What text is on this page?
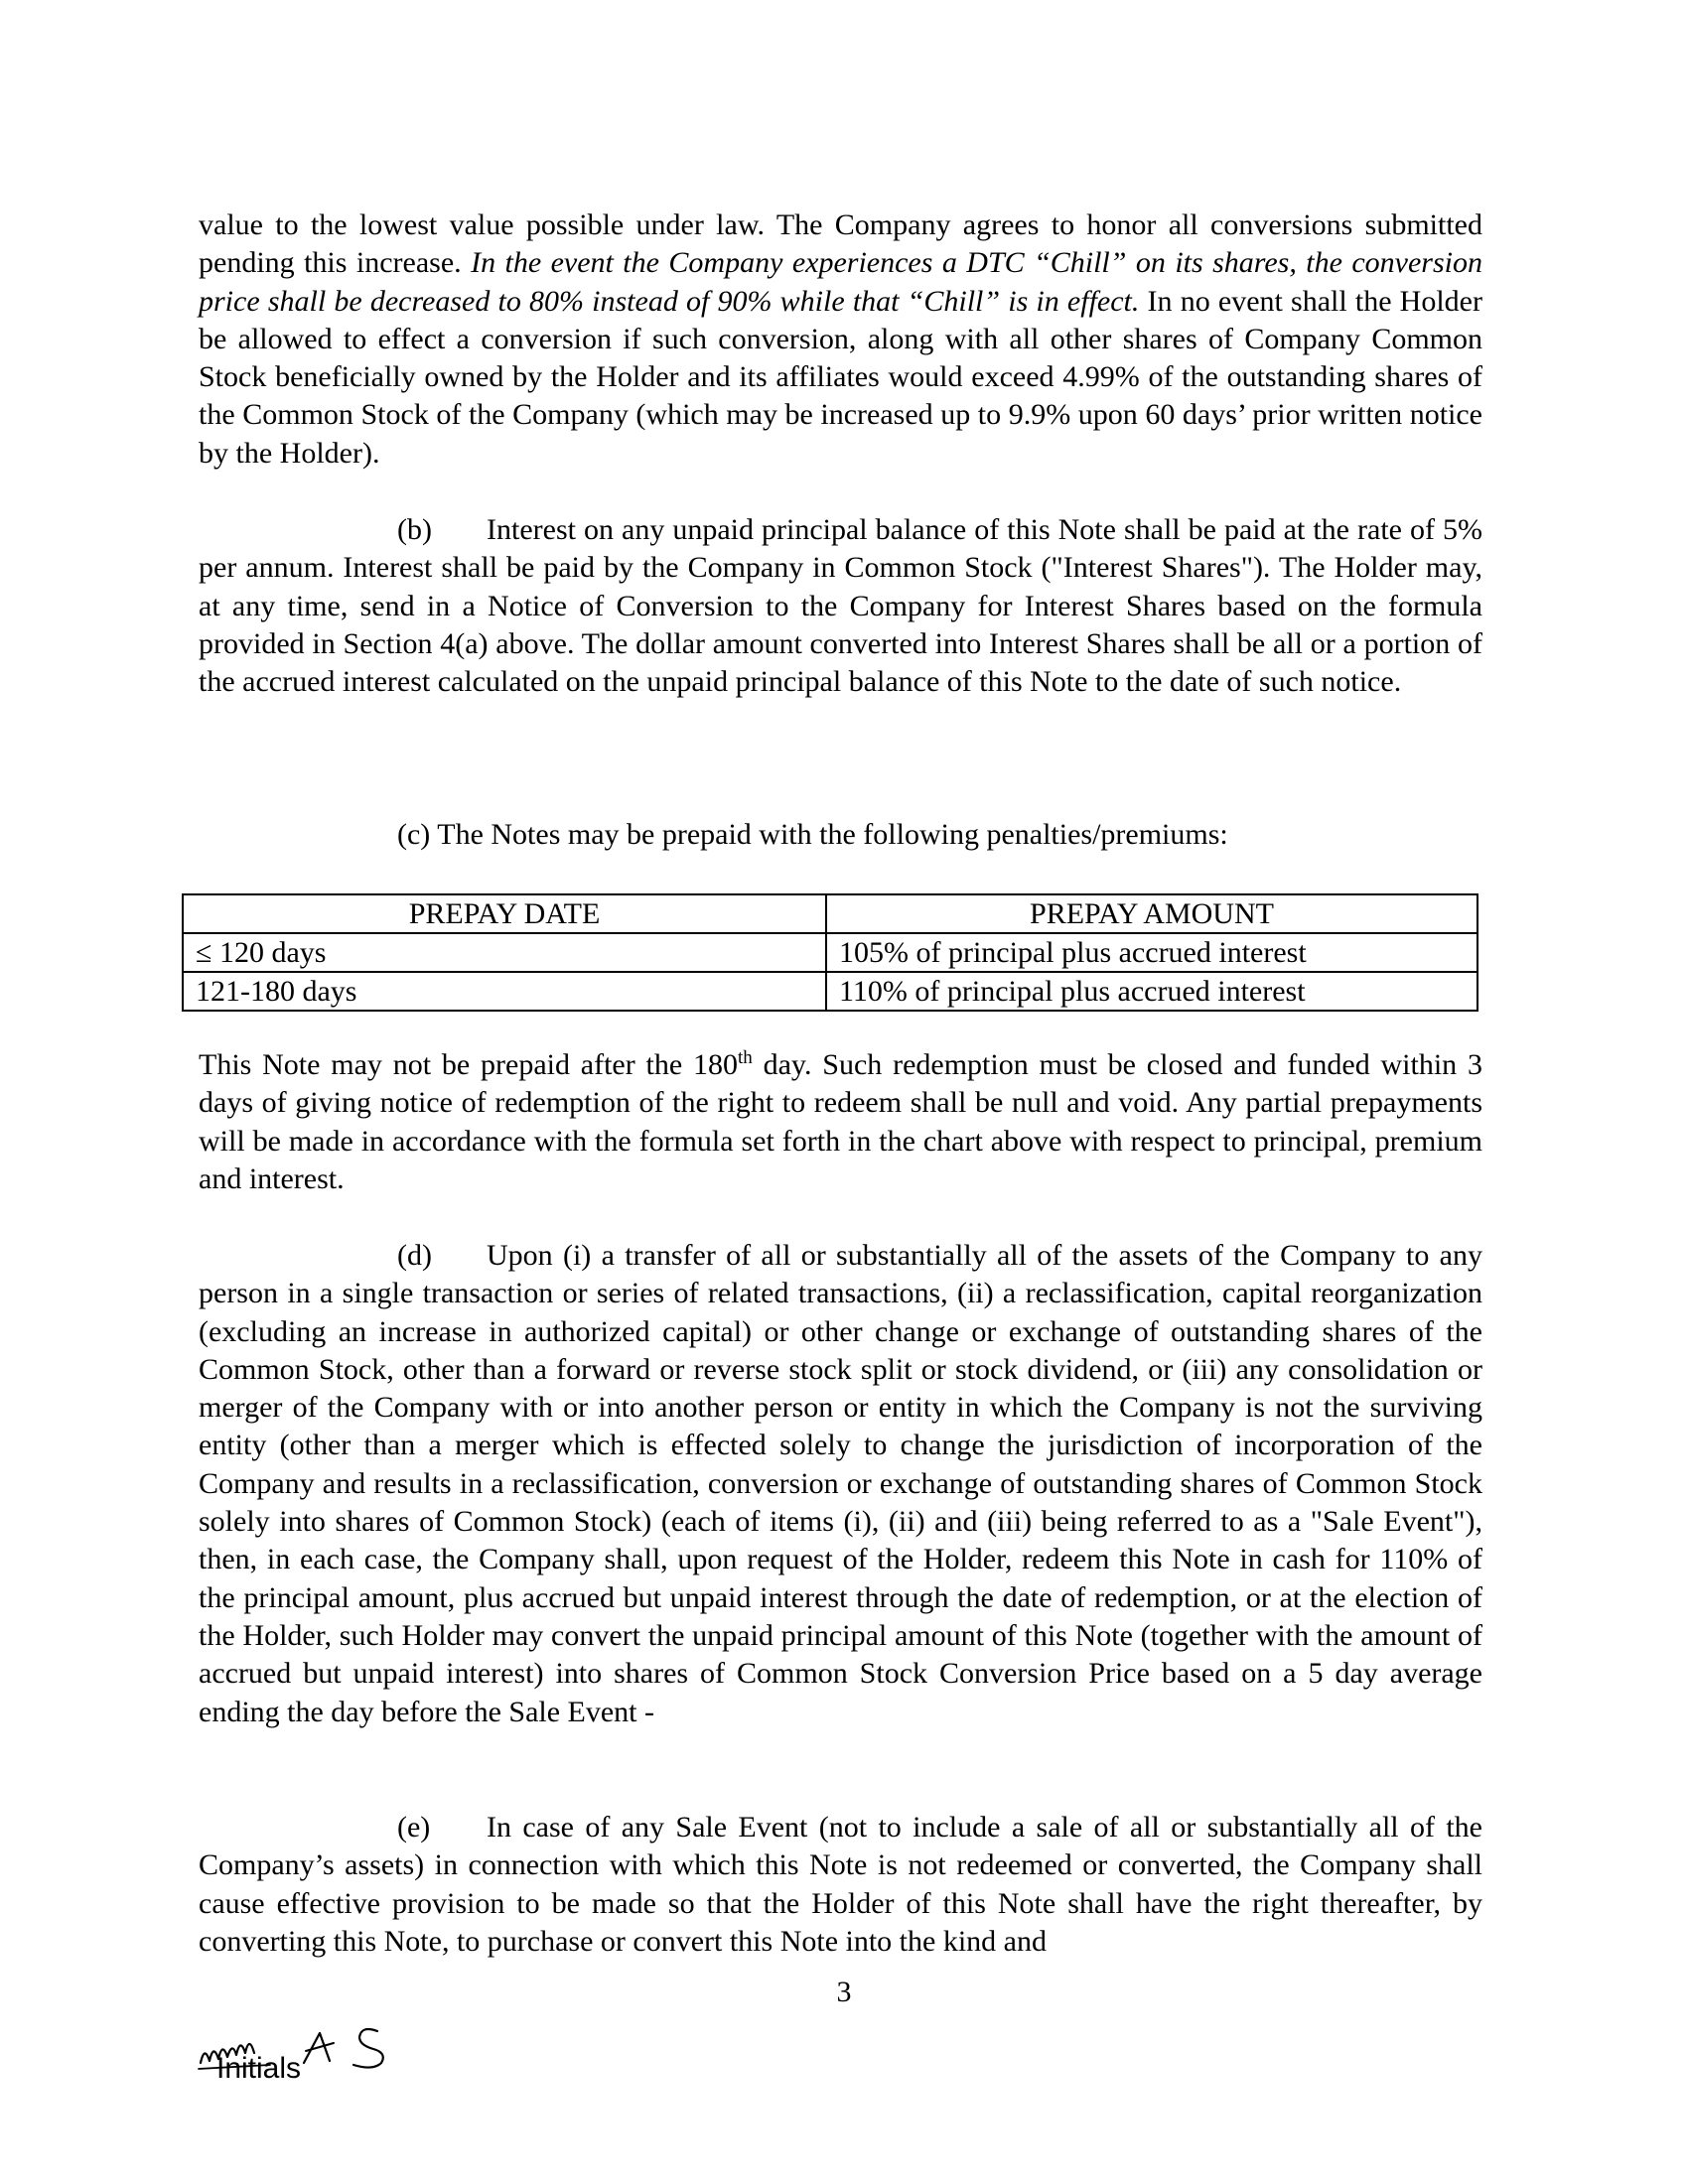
value to the lowest value possible under law. The Company agrees to honor all conversions submitted pending this increase. In the event the Company experiences a DTC “Chill” on its shares, the conversion price shall be decreased to 80% instead of 90% while that “Chill” is in effect. In no event shall the Holder be allowed to effect a conversion if such conversion, along with all other shares of Company Common Stock beneficially owned by the Holder and its affiliates would exceed 4.99% of the outstanding shares of the Common Stock of the Company (which may be increased up to 9.9% upon 60 days’ prior written notice by the Holder).

(b) Interest on any unpaid principal balance of this Note shall be paid at the rate of 5% per annum. Interest shall be paid by the Company in Common Stock ("Interest Shares"). The Holder may, at any time, send in a Notice of Conversion to the Company for Interest Shares based on the formula provided in Section 4(a) above. The dollar amount converted into Interest Shares shall be all or a portion of the accrued interest calculated on the unpaid principal balance of this Note to the date of such notice.

(c) The Notes may be prepaid with the following penalties/premiums:

PREPAY DATE	PREPAY AMOUNT
≤ 120 days	105% of principal plus accrued interest
121-180 days	110% of principal plus accrued interest

This Note may not be prepaid after the 180th day. Such redemption must be closed and funded within 3 days of giving notice of redemption of the right to redeem shall be null and void. Any partial prepayments will be made in accordance with the formula set forth in the chart above with respect to principal, premium and interest.

(d) Upon (i) a transfer of all or substantially all of the assets of the Company to any person in a single transaction or series of related transactions, (ii) a reclassification, capital reorganization (excluding an increase in authorized capital) or other change or exchange of outstanding shares of the Common Stock, other than a forward or reverse stock split or stock dividend, or (iii) any consolidation or merger of the Company with or into another person or entity in which the Company is not the surviving entity (other than a merger which is effected solely to change the jurisdiction of incorporation of the Company and results in a reclassification, conversion or exchange of outstanding shares of Common Stock solely into shares of Common Stock) (each of items (i), (ii) and (iii) being referred to as a "Sale Event"), then, in each case, the Company shall, upon request of the Holder, redeem this Note in cash for 110% of the principal amount, plus accrued but unpaid interest through the date of redemption, or at the election of the Holder, such Holder may convert the unpaid principal amount of this Note (together with the amount of accrued but unpaid interest) into shares of Common Stock Conversion Price based on a 5 day average ending the day before the Sale Event -

(e) In case of any Sale Event (not to include a sale of all or substantially all of the Company’s assets) in connection with which this Note is not redeemed or converted, the Company shall cause effective provision to be made so that the Holder of this Note shall have the right thereafter, by converting this Note, to purchase or convert this Note into the kind and

3

Initials
